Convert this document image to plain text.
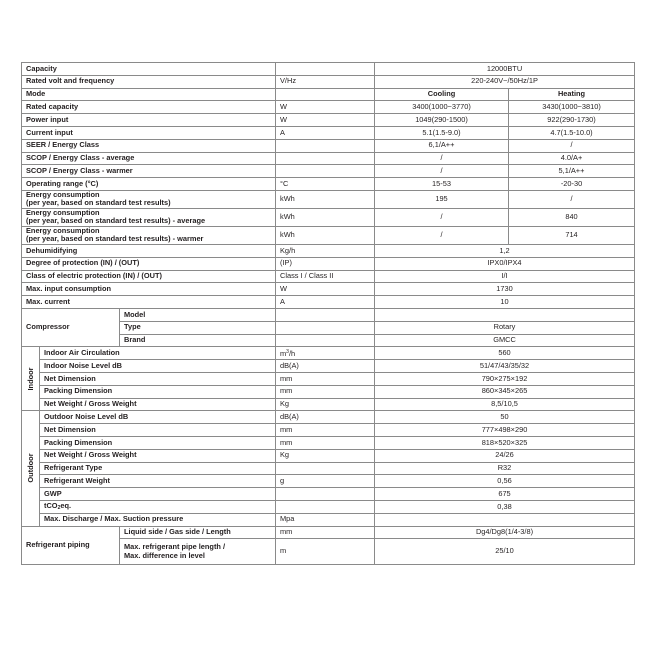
Capacity				12000BTU	
Rated volt and frequency			V/Hz	220-240V~/50Hz/1P	
Mode				Cooling	Heating
Rated capacity			W	3400(1000~3770)	3430(1000~3810)
Power input			W	1049(290-1500)	922(290-1730)
Current input			A	5.1(1.5-9.0)	4.7(1.5-10.0)
SEER / Energy Class				6,1/A++	/
SCOP / Energy Class - average				/	4.0/A+
SCOP / Energy Class - warmer				/	5,1/A++
Operating range (°C)			°C	15-53	-20-30

Energy consumption
(per year, based on standard test results)			kWh	195	/

Energy consumption
(per year, based on standard test results) - average			kWh	/	840

Energy consumption
(per year, based on standard test results) - warmer			kWh	/	714
Dehumidifying			Kg/h	1,2	
Degree of protection (IN) / (OUT)			(IP)	IPX0/IPX4	
Class of electric protection (IN) / (OUT)			Class I / Class II	I/I	
Max. input consumption			W	1730	
Max. current			A	10	
Compressor		Model			
		Type		Rotary	
		Brand		GMCC	

Indoor	Indoor Air Circulation		$m^3/h$	560	
	Indoor Noise Level dB		dB(A)	51/47/43/35/32	
	Net Dimension		mm	790×275×192	
	Packing Dimension		mm	860×345×265	
	Net Weight / Gross Weight		Kg	8,5/10,5	

Outdoor	Outdoor Noise Level dB		dB(A)	50	
	Net Dimension		mm	777×498×290	
	Packing Dimension		mm	818×520×325	
	Net Weight / Gross Weight		Kg	24/26	
	Refrigerant Type			R32	
	Refrigerant Weight		g	0,56	
	GWP			675	
	tCO$_2$eq.			0,38	
	Max. Discharge / Max. Suction pressure		Mpa		
Refrigerant piping		Liquid side / Gas side / Length	mm	Dg4/Dg8(1/4-3/8)	

		Max. refrigerant pipe length /
Max. difference in level	m	25/10	
